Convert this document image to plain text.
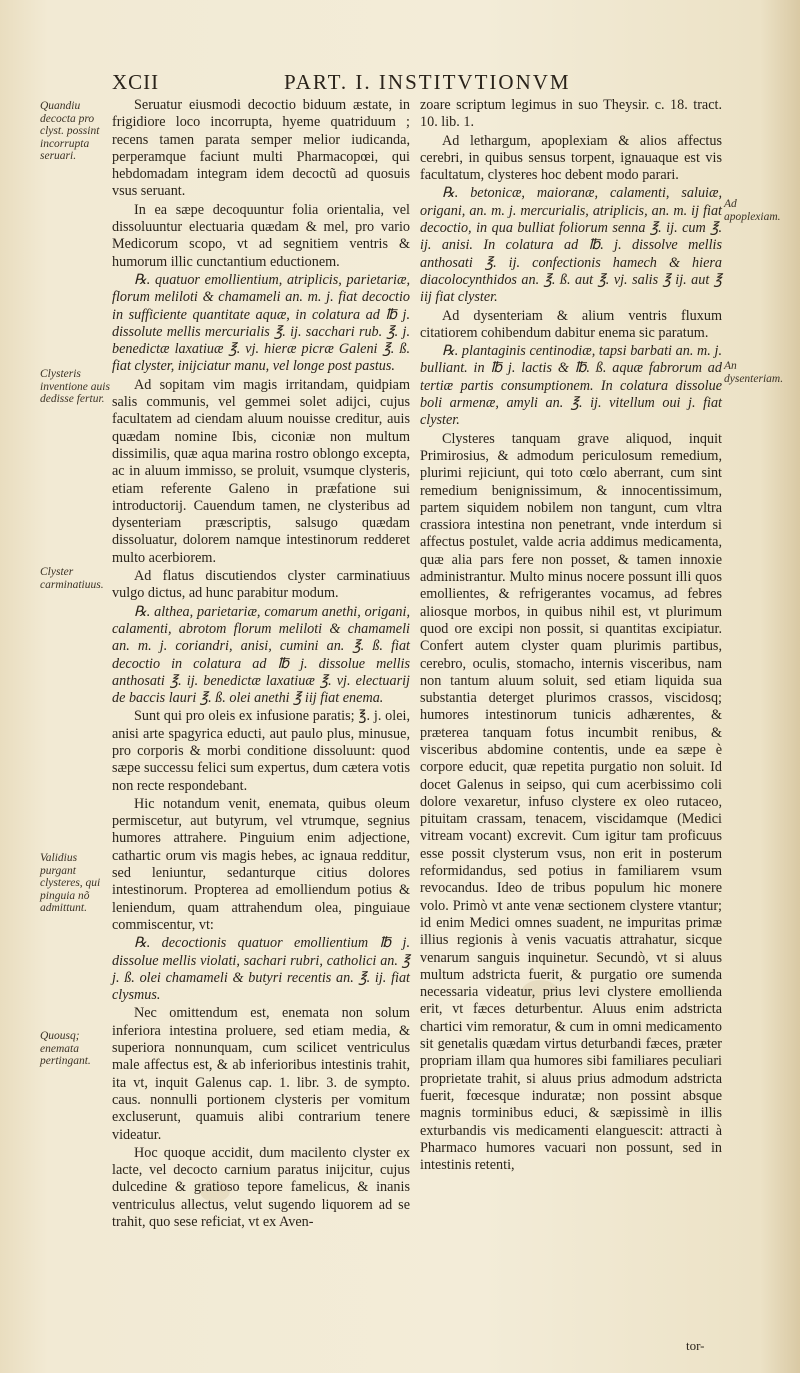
XCII	PART. I. INSTITVTIONVM

Seruatur eiusmodi decoctio biduum æstate, in frigidiore loco incorrupta, hyeme quatriduum ; recens tamen parata semper melior iudicanda, perperamque faciunt multi Pharmacopœi, qui hebdomadam integram idem decoctũ ad quosuis vsus seruant.

In ea sæpe decoquuntur folia orientalia, vel dissoluuntur electuaria quædam & mel, pro vario Medicorum scopo, vt ad segnitiem ventris & humorum illic cunctantium eductionem.

℞. quatuor emollientium, atriplicis, parietariæ, florum meliloti & chamameli an. m. j. fiat decoctio in sufficiente quantitate aquæ, in colatura ad ℔ j. dissolute mellis mercurialis ℥. ij. sacchari rub. ℥. j. benedictæ laxatiuæ ℥. vj. hieræ picræ Galeni ℥. ß. fiat clyster, inijciatur manu, vel longe post pastus.

Ad sopitam vim magis irritandam, quidpiam salis communis, vel gemmei solet adijci, cujus facultatem ad ciendam aluum nouisse creditur, auis quædam nomine Ibis, ciconiæ non multum dissimilis, quæ aqua marina rostro oblongo excepta, ac in aluum immisso, se proluit, vsumque clysteris, etiam referente Galeno in præfatione sui introductorij. Cauendum tamen, ne clysteribus ad dysenteriam præscriptis, salsugo quædam dissoluatur, dolorem namque intestinorum redderet multo acerbiorem.

Ad flatus discutiendos clyster carminatiuus vulgo dictus, ad hunc parabitur modum.

℞. althea, parietariæ, comarum anethi, origani, calamenti, abrotom florum meliloti & chamameli an. m. j. coriandri, anisi, cumini an. ℥. ß. fiat decoctio in colatura ad ℔ j. dissolue mellis anthosati ℥. ij. benedictæ laxatiuæ ℥. vj. electuarij de baccis lauri ℥. ß. olei anethi ℥ iij fiat enema.

Sunt qui pro oleis ex infusione paratis; ℥. j. olei, anisi arte spagyrica educti, aut paulo plus, minusue, pro corporis & morbi conditione dissoluunt: quod sæpe successu felici sum expertus, dum cætera votis non recte respondebant.

Hic notandum venit, enemata, quibus oleum permiscetur, aut butyrum, vel vtrumque, segnius humores attrahere. Pinguium enim adjectione, cathartic orum vis magis hebes, ac ignaua redditur, sed leniuntur, sedanturque citius dolores intestinorum. Propterea ad emolliendum potius & leniendum, quam attrahendum olea, pinguiaue commiscentur, vt:

℞. decoctionis quatuor emollientium ℔ j. dissolue mellis violati, sachari rubri, catholici an. ℥ j. ß. olei chamameli & butyri recentis an. ℥. ij. fiat clysmus.

Nec omittendum est, enemata non solum inferiora intestina proluere, sed etiam media, & superiora nonnunquam, cum scilicet ventriculus male affectus est, & ab inferioribus intestinis trahit, ita vt, inquit Galenus cap. 1. libr. 3. de sympto. caus. nonnulli portionem clysteris per vomitum excluserunt, quamuis alibi contrarium tenere videatur.

Hoc quoque accidit, dum macilento clyster ex lacte, vel decocto carnium paratus inijcitur, cujus dulcedine & gratioso tepore famelicus, & inanis ventriculus allectus, velut sugendo liquorem ad se trahit, quo sese reficiat, vt ex Aven-

zoare scriptum legimus in suo Theysir. c. 18. tract. 10. lib. 1.

Ad lethargum, apoplexiam & alios affectus cerebri, in quibus sensus torpent, ignauaque est vis facultatum, clysteres hoc debent modo parari.

℞. betonicæ, maioranæ, calamenti, saluiæ, origani, an. m. j. mercurialis, atriplicis, an. m. ij fiat decoctio, in qua bulliat foliorum senna ℥. ij. cum ℥. ij. anisi. In colatura ad ℔. j. dissolve mellis anthosati ℥. ij. confectionis hamech & hiera diacolocynthidos an. ℥. ß. aut ℥. vj. salis ℥ ij. aut ℥ iij fiat clyster.

Ad dysenteriam & alium ventris fluxum citatiorem cohibendum dabitur enema sic paratum.

℞. plantaginis centinodiæ, tapsi barbati an. m. j. bulliant. in ℔ j. lactis & ℔. ß. aquæ fabrorum ad tertiæ partis consumptionem. In colatura dissolue boli armenæ, amyli an. ℥. ij. vitellum oui j. fiat clyster.

Clysteres tanquam grave aliquod, inquit Primirosius, & admodum periculosum remedium, plurimi rejiciunt, qui toto cœlo aberrant, cum sint remedium benignissimum, & innocentissimum, partem siquidem nobilem non tangunt, cum vltra crassiora intestina non penetrant, vnde interdum si affectus postulet, valde acria addimus medicamenta, quæ alia pars fere non posset, & tamen innoxie administrantur. Multo minus nocere possunt illi quos emollientes, & refrigerantes vocamus, ad febres aliosque morbos, in quibus nihil est, vt plurimum quod ore excipi non possit, si quantitas excipiatur. Confert autem clyster quam plurimis partibus, cerebro, oculis, stomacho, internis visceribus, nam non tantum aluum soluit, sed etiam liquida sua substantia deterget plurimos crassos, viscidosq; humores intestinorum tunicis adhærentes, & præterea tanquam fotus incumbit renibus, & visceribus abdomine contentis, unde ea sæpe è corpore educit, quæ repetita purgatio non soluit. Id docet Galenus in seipso, qui cum acerbissimo coli dolore vexaretur, infuso clystere ex oleo rutaceo, pituitam crassam, tenacem, viscidamque (Medici vitream vocant) excrevit. Cum igitur tam proficuus esse possit clysterum vsus, non erit in posterum reformidandus, sed potius in familiarem vsum revocandus. Ideo de tribus populum hic monere volo. Primò vt ante venæ sectionem clystere vtantur; id enim Medici omnes suadent, ne impuritas primæ illius regionis à venis vacuatis attrahatur, sicque venarum sanguis inquinetur. Secundò, vt si aluus multum adstricta fuerit, & purgatio ore sumenda necessaria videatur, prius levi clystere emollienda erit, vt fæces deturbentur. Aluus enim adstricta chartici vim remoratur, & cum in omni medicamento sit genetalis quædam virtus deturbandi fæces, præter propriam illam qua humores sibi familiares peculiari proprietate trahit, si aluus prius admodum adstricta fuerit, fœcesque induratæ; non possint absque magnis torminibus educi, & sæpissimè in illis exturbandis vis medicamenti elanguescit: attracti à Pharmaco humores vacuari non possunt, sed in intestinis retenti,

Quandiu decocta pro clyst. possint incorrupta seruari.
Clysteris inventione auis dedisse fertur.
Clyster carminatiuus.
Validius purgant clysteres, qui pinguia nõ admittunt.
Quousq; enemata pertingant.
Ad apoplexiam.
An dysenteriam.
tor-
